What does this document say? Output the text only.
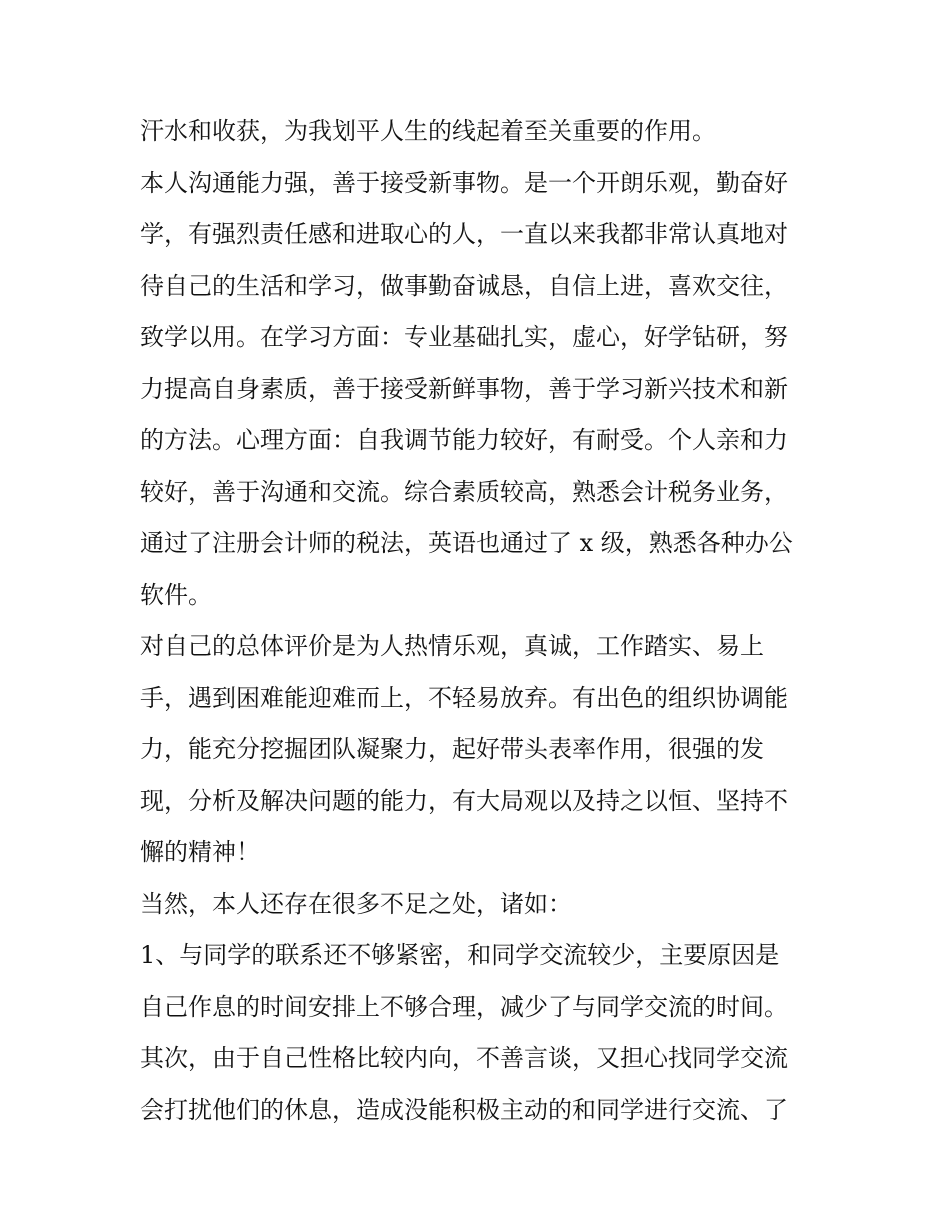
汗水和收获，为我划平人生的线起着至关重要的作用。
本人沟通能力强，善于接受新事物。是一个开朗乐观，勤奋好
学，有强烈责任感和进取心的人，一直以来我都非常认真地对
待自己的生活和学习，做事勤奋诚恳，自信上进，喜欢交往，
致学以用。在学习方面：专业基础扎实，虚心，好学钻研，努
力提高自身素质，善于接受新鲜事物，善于学习新兴技术和新
的方法。心理方面：自我调节能力较好，有耐受。个人亲和力
较好，善于沟通和交流。综合素质较高，熟悉会计税务业务，
通过了注册会计师的税法，英语也通过了 x 级，熟悉各种办公
软件。
对自己的总体评价是为人热情乐观，真诚，工作踏实、易上
手，遇到困难能迎难而上，不轻易放弃。有出色的组织协调能
力，能充分挖掘团队凝聚力，起好带头表率作用，很强的发
现，分析及解决问题的能力，有大局观以及持之以恒、坚持不
懈的精神！
当然，本人还存在很多不足之处，诸如：
1、与同学的联系还不够紧密，和同学交流较少，主要原因是
自己作息的时间安排上不够合理，减少了与同学交流的时间。
其次，由于自己性格比较内向，不善言谈，又担心找同学交流
会打扰他们的休息，造成没能积极主动的和同学进行交流、了
